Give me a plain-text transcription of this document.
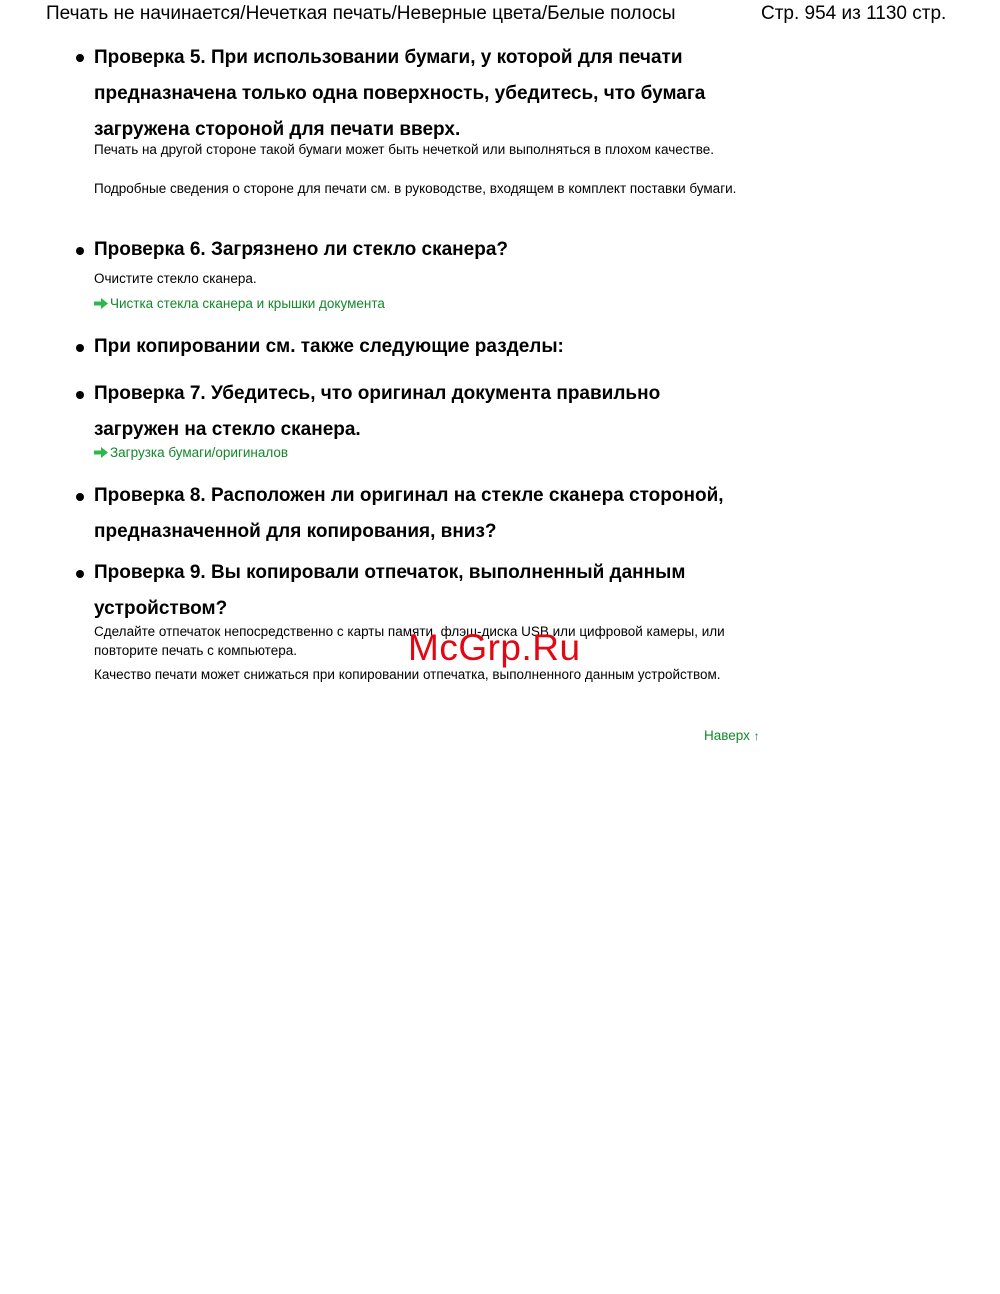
Печать не начинается/Нечеткая печать/Неверные цвета/Белые полосы	Стр. 954 из 1130 стр.
Проверка 5. При использовании бумаги, у которой для печати
предназначена только одна поверхность, убедитесь, что бумага
загружена стороной для печати вверх.
Печать на другой стороне такой бумаги может быть нечеткой или выполняться в плохом качестве.
Подробные сведения о стороне для печати см. в руководстве, входящем в комплект поставки бумаги.
Проверка 6. Загрязнено ли стекло сканера?
Очистите стекло сканера.
Чистка стекла сканера и крышки документа
При копировании см. также следующие разделы:
Проверка 7. Убедитесь, что оригинал документа правильно
загружен на стекло сканера.
Загрузка бумаги/оригиналов
Проверка 8. Расположен ли оригинал на стекле сканера стороной,
предназначенной для копирования, вниз?
Проверка 9. Вы копировали отпечаток, выполненный данным
устройством?
Сделайте отпечаток непосредственно с карты памяти, флэш-диска USB или цифровой камеры, или повторите печать с компьютера.
Качество печати может снижаться при копировании отпечатка, выполненного данным устройством.
Наверх ↑
McGrp.Ru
